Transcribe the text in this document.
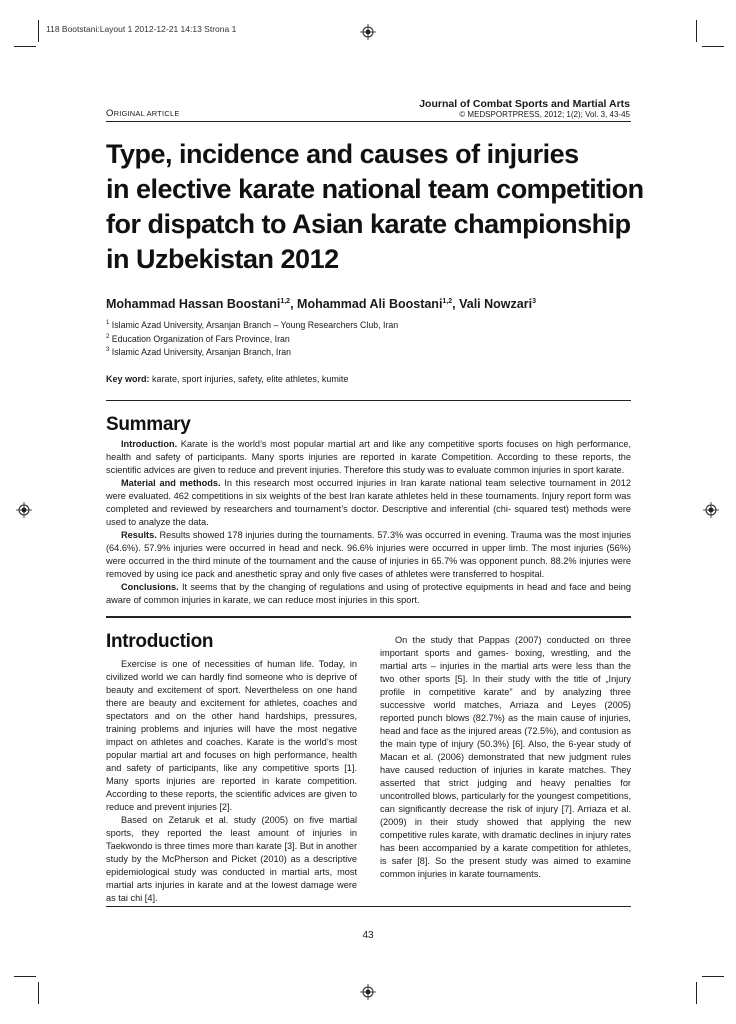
118 Bootstani:Layout 1 2012-12-21 14:13 Strona 1
ORIGINAL ARTICLE
Journal of Combat Sports and Martial Arts
© MEDSPORTPRESS, 2012; 1(2); Vol. 3, 43-45
Type, incidence and causes of injuries
in elective karate national team competition
for dispatch to Asian karate championship
in Uzbekistan 2012
Mohammad Hassan Boostani$^{1,2}$, Mohammad Ali Boostani$^{1,2}$, Vali Nowzari$^3$
$^1$ Islamic Azad University, Arsanjan Branch – Young Researchers Club, Iran
$^2$ Education Organization of Fars Province, Iran
$^3$ Islamic Azad University, Arsanjan Branch, Iran
Key word: karate, sport injuries, safety, elite athletes, kumite
Summary

Introduction. Karate is the world’s most popular martial art and like any competitive sports focuses on high performance, health and safety of participants. Many sports injuries are reported in karate Competition. According to these reports, the scientific advices are given to reduce and prevent injuries. Therefore this study was to evaluate common injuries in sport karate.

Material and methods. In this research most occurred injuries in Iran karate national team selective tournament in 2012 were evaluated. 462 competitions in six weights of the best Iran karate athletes held in these tournaments. Injury report form was completed and reviewed by researchers and tournament’s doctor. Descriptive and inferential (chi- squared test) methods were used to analyze the data.

Results. Results showed 178 injuries during the tournaments. 57.3% was occurred in evening. Trauma was the most injuries (64.6%). 57.9% injuries were occurred in head and neck. 96.6% injuries were occurred in upper limb. The most injuries (56%) were occurred in the third minute of the tournament and the cause of injuries in 65.7% was opponent punch. 88.2% injuries were removed by using ice pack and anesthetic spray and only five cases of athletes were transferred to hospital.

Conclusions. It seems that by the changing of regulations and using of protective equipments in head and face and being aware of common injuries in karate, we can reduce most injuries in this sport.

Introduction

Exercise is one of necessities of human life. Today, in civilized world we can hardly find someone who is deprive of beauty and excitement of sport. Nevertheless on one hand there are beauty and excitement for athletes, coaches and spectators and on the other hand hardships, pressures, training problems and injuries will have the most negative impact on athletes and coaches. Karate is the world’s most popular martial art and focuses on high performance, health and safety of participants, like any competitive sports [1]. Many sports injuries are reported in karate competition. According to these reports, the scientific advices are given to reduce and prevent injuries [2].

Based on Zetaruk et al. study (2005) on five martial sports, they reported the least amount of injuries in Taekwondo is three times more than karate [3]. But in another study by the McPherson and Picket (2010) as a descriptive epidemiological study was conducted in martial arts, most martial arts injuries in karate and at the lowest damage were as tai chi [4].

On the study that Pappas (2007) conducted on three important sports and games- boxing, wrestling, and the martial arts – injuries in the martial arts were less than the two other sports [5]. In their study with the title of „Injury profile in competitive karate” and by analyzing three successive world matches, Arriaza and Leyes (2005) reported punch blows (82.7%) as the main cause of injuries, head and face as the injured areas (72.5%), and contusion as the main type of injury (50.3%) [6]. Also, the 6-year study of Macan et al. (2006) demonstrated that new judgment rules have caused reduction of injuries in karate matches. They asserted that strict judging and heavy penalties for uncontrolled blows, particularly for the youngest competitions, can significantly decrease the risk of injury [7]. Arriaza et al. (2009) in their study showed that applying the new competitive rules karate, with dramatic declines in injury rates has been accompanied by a karate competition for athletes, is safer [8]. So the present study was aimed to examine common injuries in karate tournaments.

43
